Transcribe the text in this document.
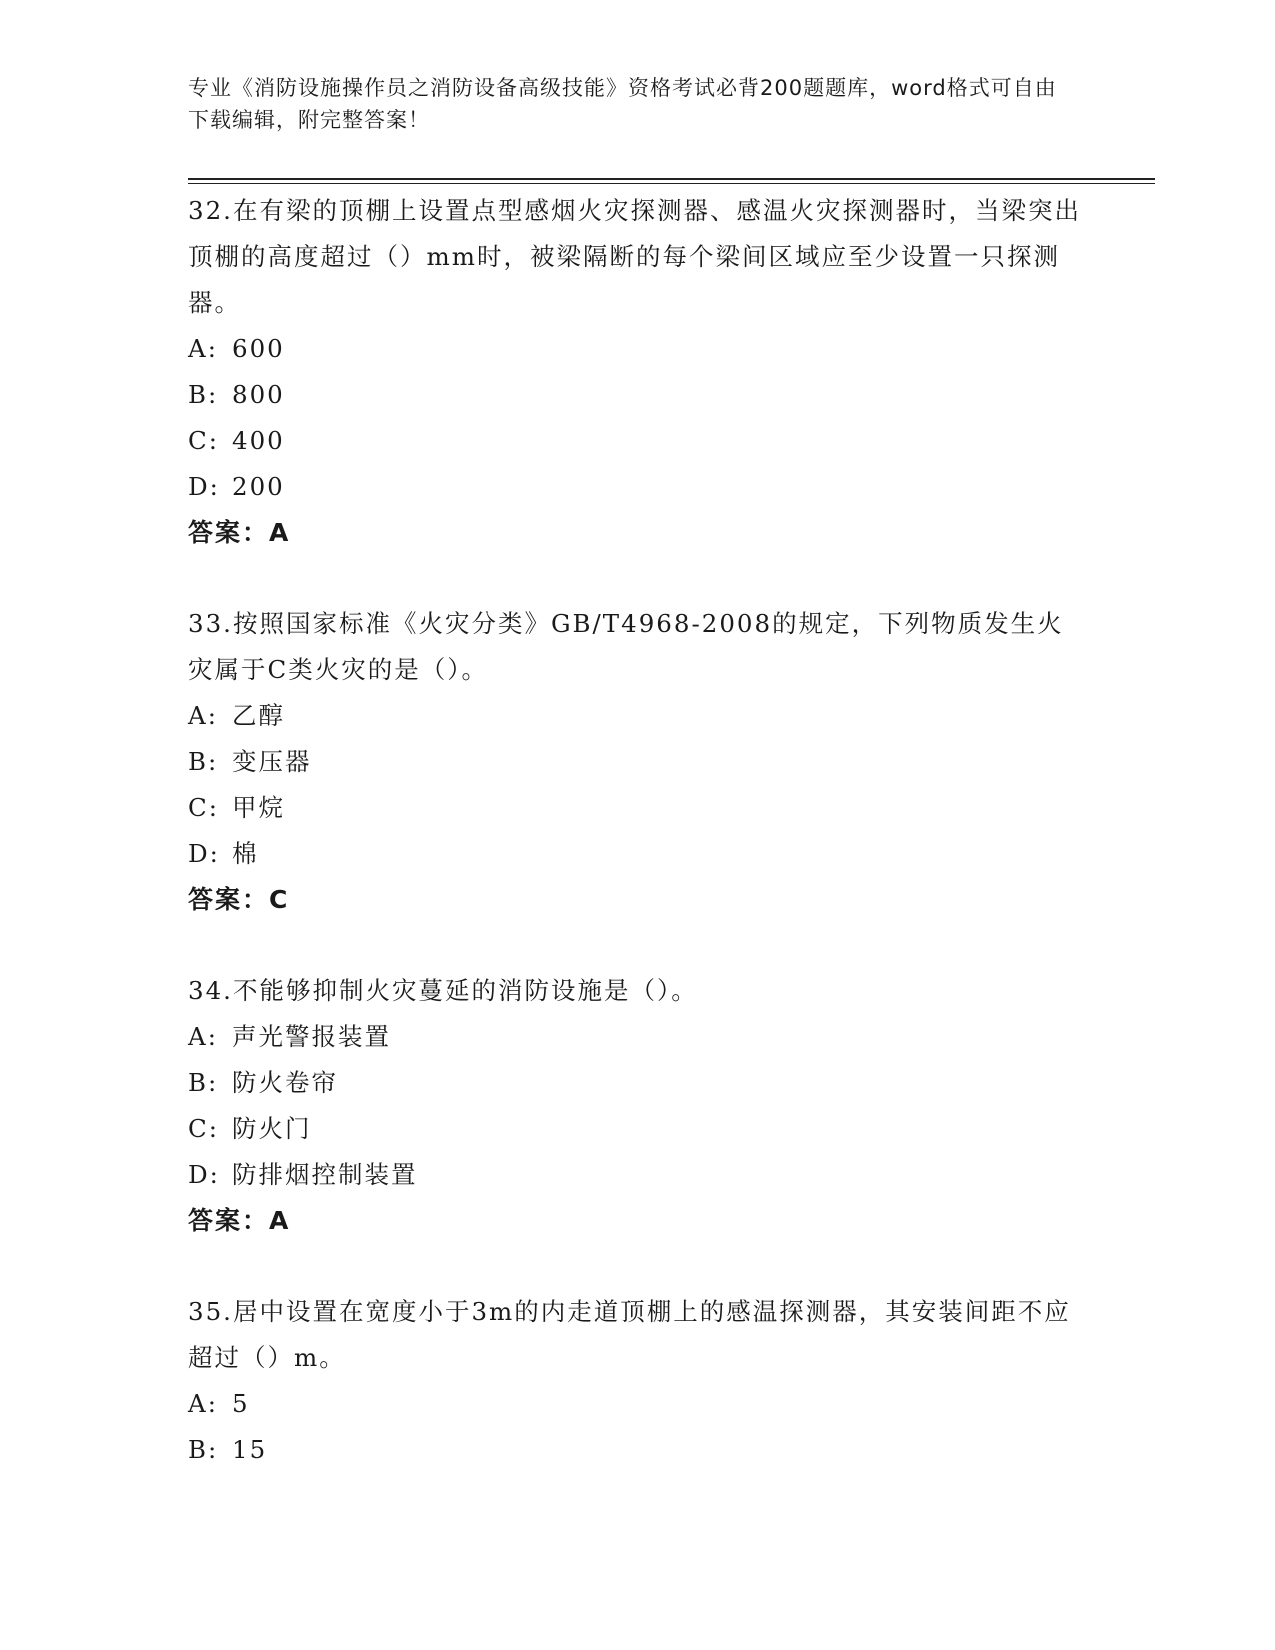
专业《消防设施操作员之消防设备高级技能》资格考试必背200题题库，word格式可自由下载编辑，附完整答案！
32.在有梁的顶棚上设置点型感烟火灾探测器、感温火灾探测器时，当梁突出顶棚的高度超过（）mm时，被梁隔断的每个梁间区域应至少设置一只探测器。
A: 600
B: 800
C: 400
D: 200
答案：A
33.按照国家标准《火灾分类》GB/T4968-2008的规定，下列物质发生火灾属于C类火灾的是（）。
A: 乙醇
B: 变压器
C: 甲烷
D: 棉
答案：C
34.不能够抑制火灾蔓延的消防设施是（）。
A: 声光警报装置
B: 防火卷帘
C: 防火门
D: 防排烟控制装置
答案：A
35.居中设置在宽度小于3m的内走道顶棚上的感温探测器，其安装间距不应超过（）m。
A: 5
B: 15
